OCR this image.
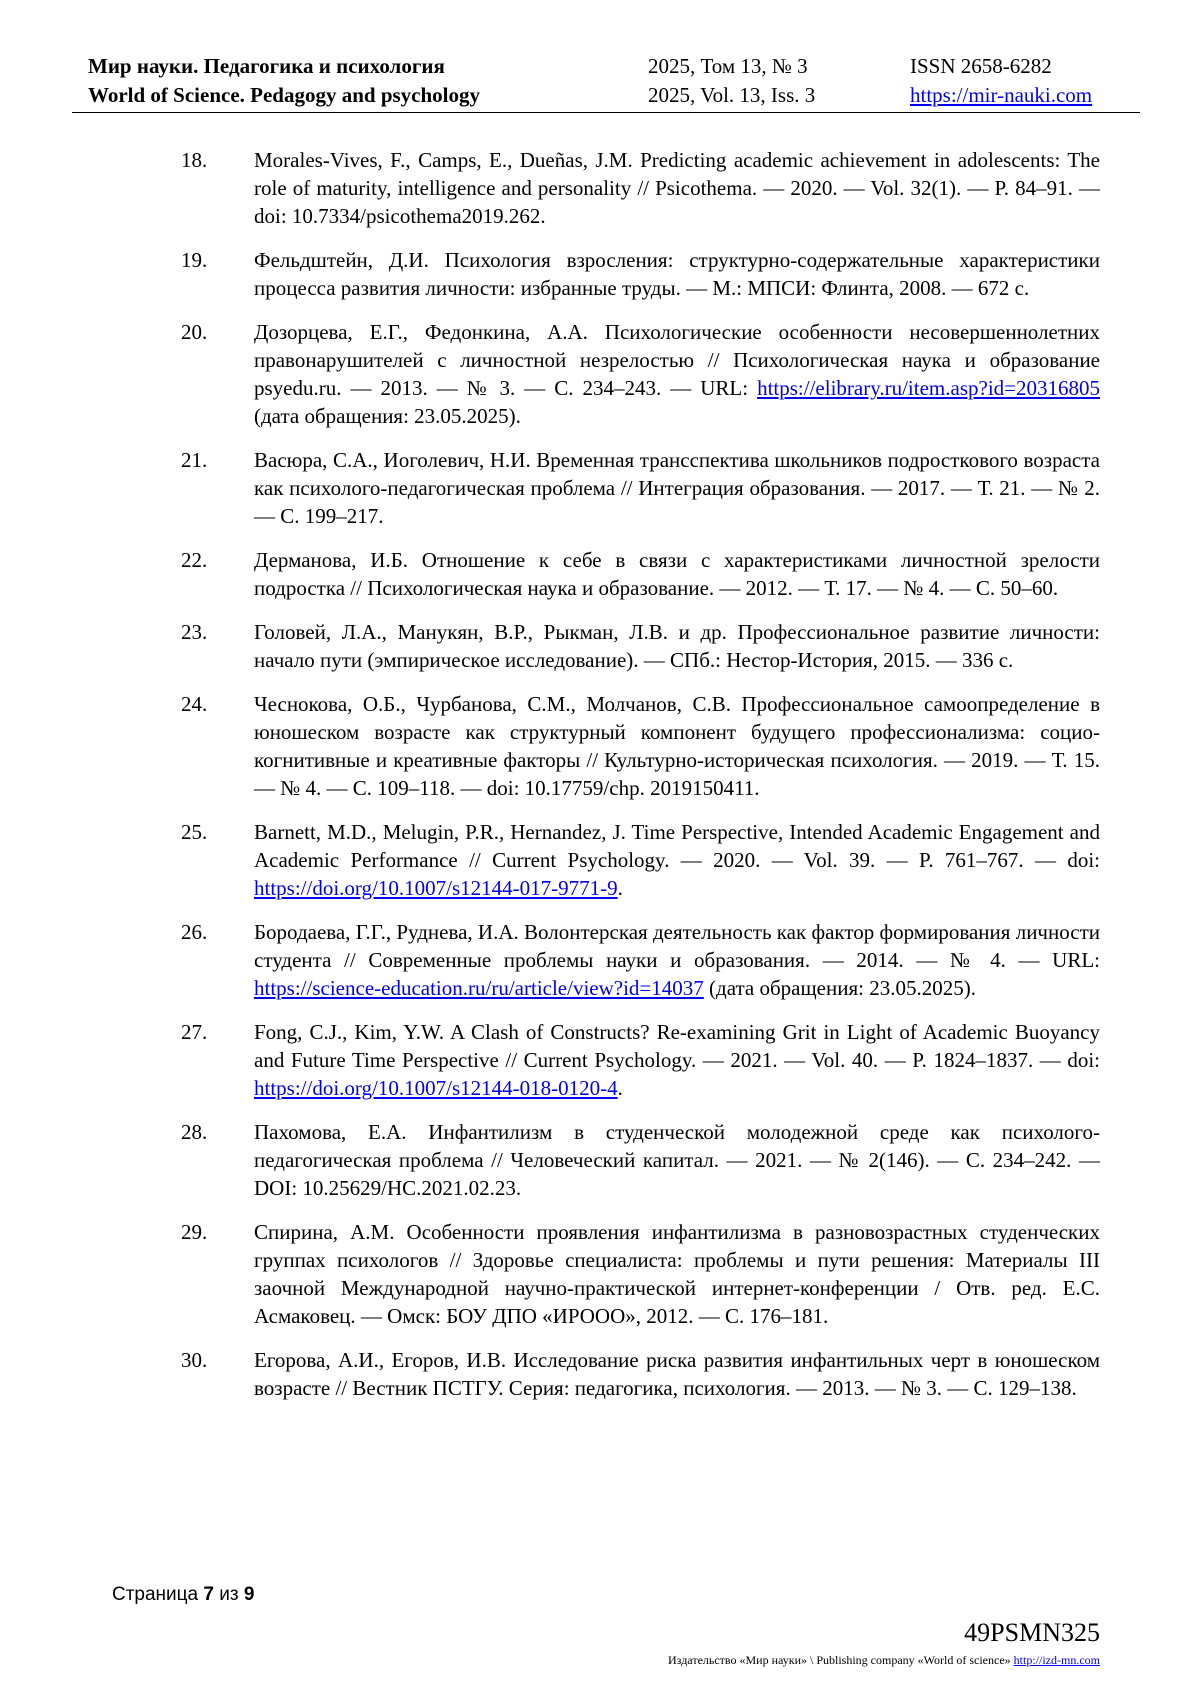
Мир науки. Педагогика и психология
World of Science. Pedagogy and psychology
2025, Том 13, № 3
2025, Vol. 13, Iss. 3
ISSN 2658-6282
https://mir-nauki.com
18. Morales-Vives, F., Camps, E., Dueñas, J.M. Predicting academic achievement in adolescents: The role of maturity, intelligence and personality // Psicothema. — 2020. — Vol. 32(1). — P. 84–91. — doi: 10.7334/psicothema2019.262.
19. Фельдштейн, Д.И. Психология взросления: структурно-содержательные характеристики процесса развития личности: избранные труды. — М.: МПСИ: Флинта, 2008. — 672 с.
20. Дозорцева, Е.Г., Федонкина, А.А. Психологические особенности несовершеннолетних правонарушителей с личностной незрелостью // Психологическая наука и образование psyedu.ru. — 2013. — № 3. — С. 234–243. — URL: https://elibrary.ru/item.asp?id=20316805 (дата обращения: 23.05.2025).
21. Васюра, С.А., Иоголевич, Н.И. Временная трансспектива школьников подросткового возраста как психолого-педагогическая проблема // Интеграция образования. — 2017. — Т. 21. — № 2. — С. 199–217.
22. Дерманова, И.Б. Отношение к себе в связи с характеристиками личностной зрелости подростка // Психологическая наука и образование. — 2012. — Т. 17. — № 4. — С. 50–60.
23. Головей, Л.А., Манукян, В.Р., Рыкман, Л.В. и др. Профессиональное развитие личности: начало пути (эмпирическое исследование). — СПб.: Нестор-История, 2015. — 336 с.
24. Чеснокова, О.Б., Чурбанова, С.М., Молчанов, С.В. Профессиональное самоопределение в юношеском возрасте как структурный компонент будущего профессионализма: социо-когнитивные и креативные факторы // Культурно-историческая психология. — 2019. — Т. 15. — № 4. — С. 109–118. — doi: 10.17759/chp. 2019150411.
25. Barnett, M.D., Melugin, P.R., Hernandez, J. Time Perspective, Intended Academic Engagement and Academic Performance // Current Psychology. — 2020. — Vol. 39. — P. 761–767. — doi: https://doi.org/10.1007/s12144-017-9771-9.
26. Бородаева, Г.Г., Руднева, И.А. Волонтерская деятельность как фактор формирования личности студента // Современные проблемы науки и образования. — 2014. — № 4. — URL: https://science-education.ru/ru/article/view?id=14037 (дата обращения: 23.05.2025).
27. Fong, C.J., Kim, Y.W. A Clash of Constructs? Re-examining Grit in Light of Academic Buoyancy and Future Time Perspective // Current Psychology. — 2021. — Vol. 40. — P. 1824–1837. — doi: https://doi.org/10.1007/s12144-018-0120-4.
28. Пахомова, Е.А. Инфантилизм в студенческой молодежной среде как психолого-педагогическая проблема // Человеческий капитал. — 2021. — № 2(146). — С. 234–242. — DOI: 10.25629/HC.2021.02.23.
29. Спирина, А.М. Особенности проявления инфантилизма в разновозрастных студенческих группах психологов // Здоровье специалиста: проблемы и пути решения: Материалы III заочной Международной научно-практической интернет-конференции / Отв. ред. Е.С. Асмаковец. — Омск: БОУ ДПО «ИРООО», 2012. — С. 176–181.
30. Егорова, А.И., Егоров, И.В. Исследование риска развития инфантильных черт в юношеском возрасте // Вестник ПСТГУ. Серия: педагогика, психология. — 2013. — № 3. — С. 129–138.
Страница 7 из 9
49PSMN325
Издательство «Мир науки» \ Publishing company «World of science» http://izd-mn.com
